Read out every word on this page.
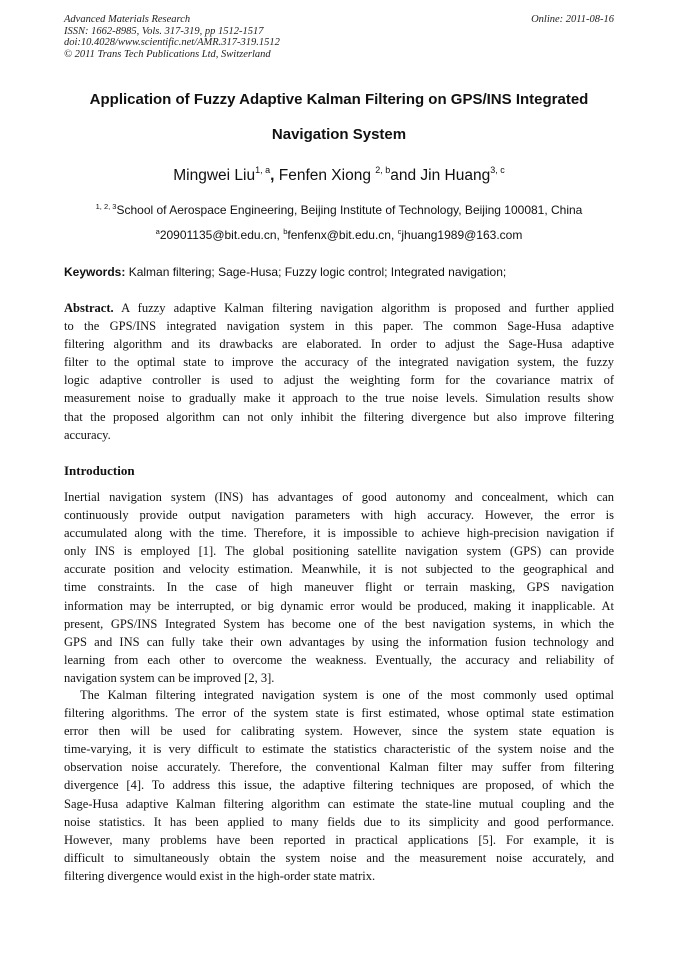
Advanced Materials Research
ISSN: 1662-8985, Vols. 317-319, pp 1512-1517
doi:10.4028/www.scientific.net/AMR.317-319.1512
© 2011 Trans Tech Publications Ltd, Switzerland
Online: 2011-08-16
Application of Fuzzy Adaptive Kalman Filtering on GPS/INS Integrated
Navigation System
Mingwei Liu$^{1, a}$, Fenfen Xiong $^{2, b}$and Jin Huang$^{3, c}$
$^{1, 2, 3}$School of Aerospace Engineering, Beijing Institute of Technology, Beijing 100081, China
$^a$20901135@bit.edu.cn, $^b$fenfenx@bit.edu.cn, $^c$jhuang1989@163.com
Keywords: Kalman filtering; Sage-Husa; Fuzzy logic control; Integrated navigation;
Abstract. A fuzzy adaptive Kalman filtering navigation algorithm is proposed and further applied
to the GPS/INS integrated navigation system in this paper. The common Sage-Husa adaptive
filtering algorithm and its drawbacks are elaborated. In order to adjust the Sage-Husa adaptive
filter to the optimal state to improve the accuracy of the integrated navigation system, the fuzzy
logic adaptive controller is used to adjust the weighting form for the covariance matrix of
measurement noise to gradually make it approach to the true noise levels. Simulation results show
that the proposed algorithm can not only inhibit the filtering divergence but also improve filtering
accuracy.
Introduction
Inertial navigation system (INS) has advantages of good autonomy and concealment, which can
continuously provide output navigation parameters with high accuracy. However, the error is
accumulated along with the time. Therefore, it is impossible to achieve high-precision navigation if
only INS is employed [1]. The global positioning satellite navigation system (GPS) can provide
accurate position and velocity estimation. Meanwhile, it is not subjected to the geographical and
time constraints. In the case of high maneuver flight or terrain masking, GPS navigation
information may be interrupted, or big dynamic error would be produced, making it inapplicable. At
present, GPS/INS Integrated System has become one of the best navigation systems, in which the
GPS and INS can fully take their own advantages by using the information fusion technology and
learning from each other to overcome the weakness. Eventually, the accuracy and reliability of
navigation system can be improved [2, 3].
The Kalman filtering integrated navigation system is one of the most commonly used optimal
filtering algorithms. The error of the system state is first estimated, whose optimal state estimation
error then will be used for calibrating system. However, since the system state equation is
time-varying, it is very difficult to estimate the statistics characteristic of the system noise and the
observation noise accurately. Therefore, the conventional Kalman filter may suffer from filtering
divergence [4]. To address this issue, the adaptive filtering techniques are proposed, of which the
Sage-Husa adaptive Kalman filtering algorithm can estimate the state-line mutual coupling and the
noise statistics. It has been applied to many fields due to its simplicity and good performance.
However, many problems have been reported in practical applications [5]. For example, it is
difficult to simultaneously obtain the system noise and the measurement noise accurately, and
filtering divergence would exist in the high-order state matrix.
